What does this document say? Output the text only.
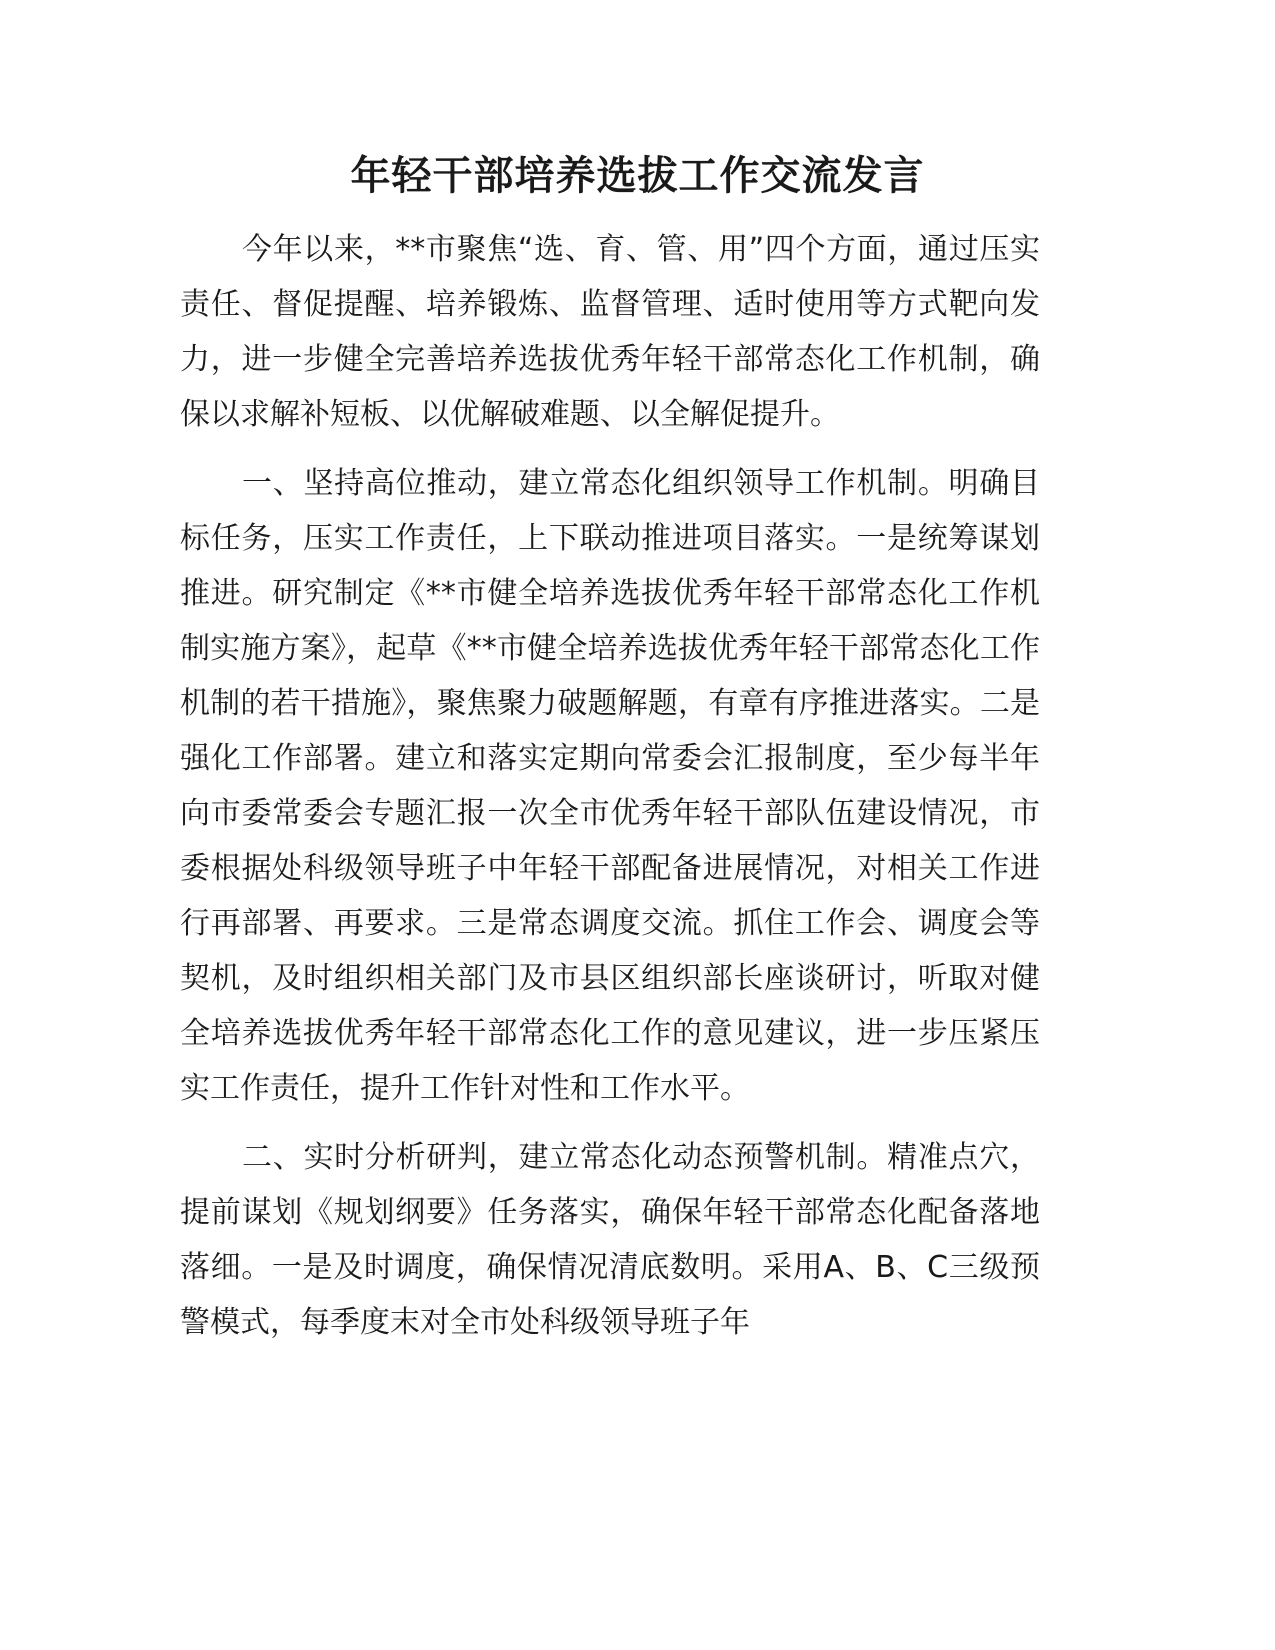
年轻干部培养选拔工作交流发言

今年以来，**市聚焦“选、育、管、用”四个方面，通过压实责任、督促提醒、培养锻炼、监督管理、适时使用等方式靶向发力，进一步健全完善培养选拔优秀年轻干部常态化工作机制，确保以求解补短板、以优解破难题、以全解促提升。

一、坚持高位推动，建立常态化组织领导工作机制。明确目标任务，压实工作责任，上下联动推进项目落实。一是统筹谋划推进。研究制定《**市健全培养选拔优秀年轻干部常态化工作机制实施方案》，起草《**市健全培养选拔优秀年轻干部常态化工作机制的若干措施》，聚焦聚力破题解题，有章有序推进落实。二是强化工作部署。建立和落实定期向常委会汇报制度，至少每半年向市委常委会专题汇报一次全市优秀年轻干部队伍建设情况，市委根据处科级领导班子中年轻干部配备进展情况，对相关工作进行再部署、再要求。三是常态调度交流。抓住工作会、调度会等契机，及时组织相关部门及市县区组织部长座谈研讨，听取对健全培养选拔优秀年轻干部常态化工作的意见建议，进一步压紧压实工作责任，提升工作针对性和工作水平。

二、实时分析研判，建立常态化动态预警机制。精准点穴，提前谋划《规划纲要》任务落实，确保年轻干部常态化配备落地落细。一是及时调度，确保情况清底数明。采用A、B、C三级预警模式，每季度末对全市处科级领导班子年
